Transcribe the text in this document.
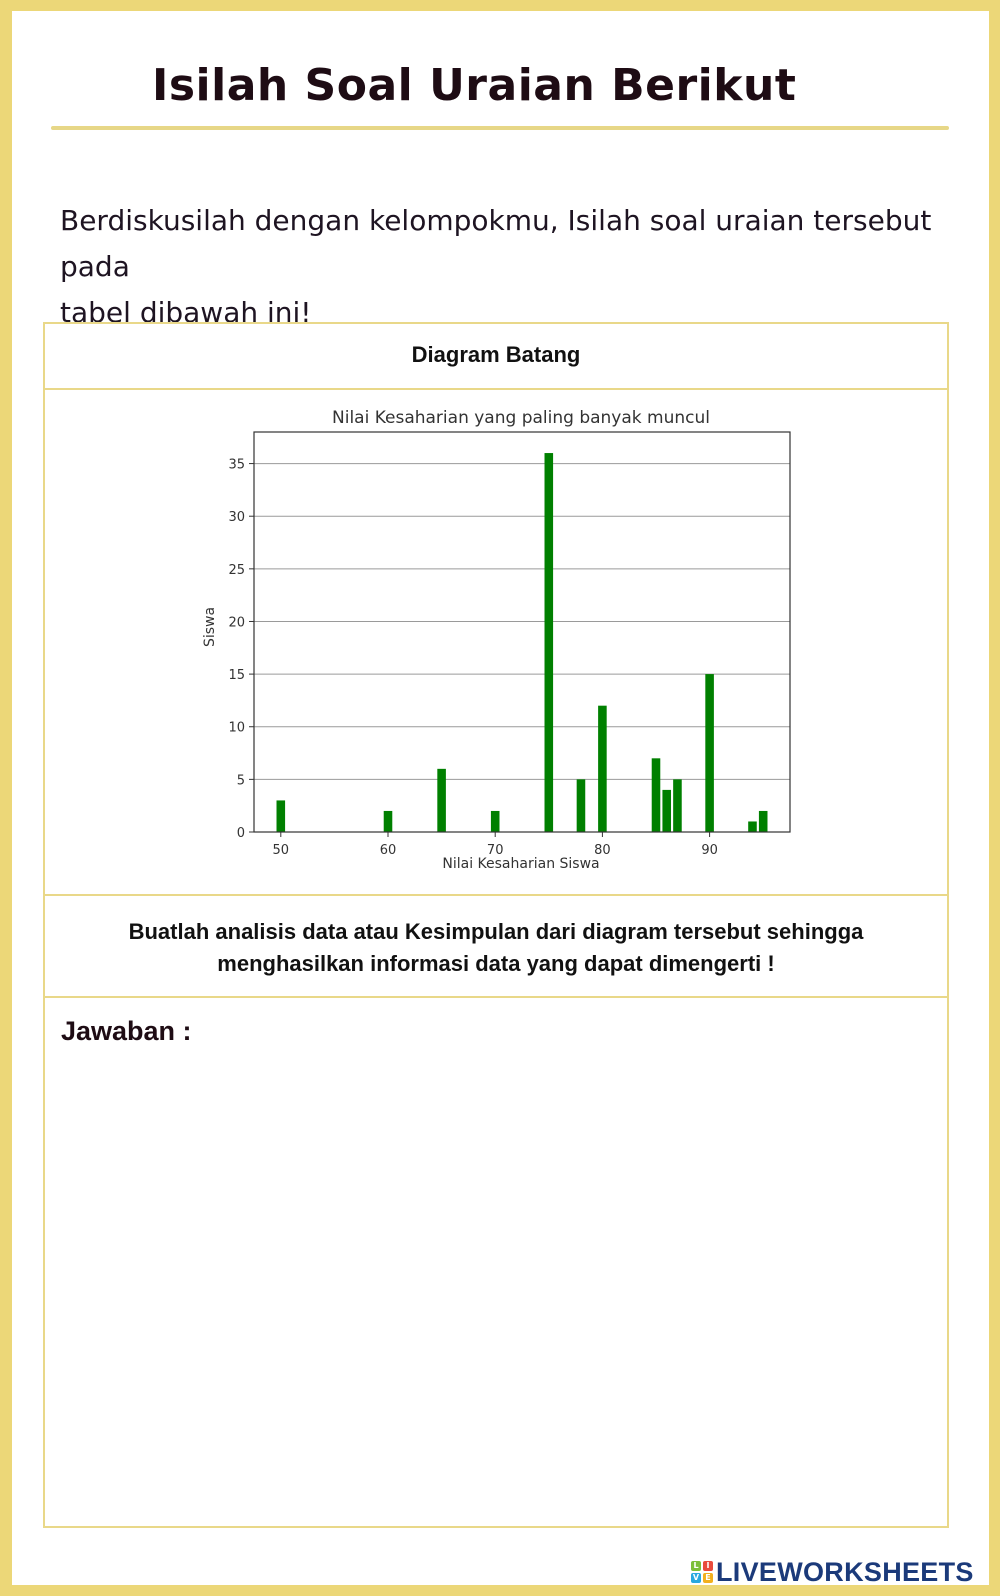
Isilah Soal Uraian Berikut
Berdiskusilah dengan kelompokmu, Isilah soal uraian tersebut pada
tabel dibawah ini!
Diagram Batang
Nilai Kesaharian yang paling banyak muncul
0
5
10
15
20
25
30
35
50	60	70	80	90
Nilai Kesaharian Siswa
Siswa
Buatlah analisis data atau Kesimpulan dari diagram tersebut sehingga
menghasilkan informasi data yang dapat dimengerti !
Jawaban :
L I
V E LIVEWORKSHEETS
